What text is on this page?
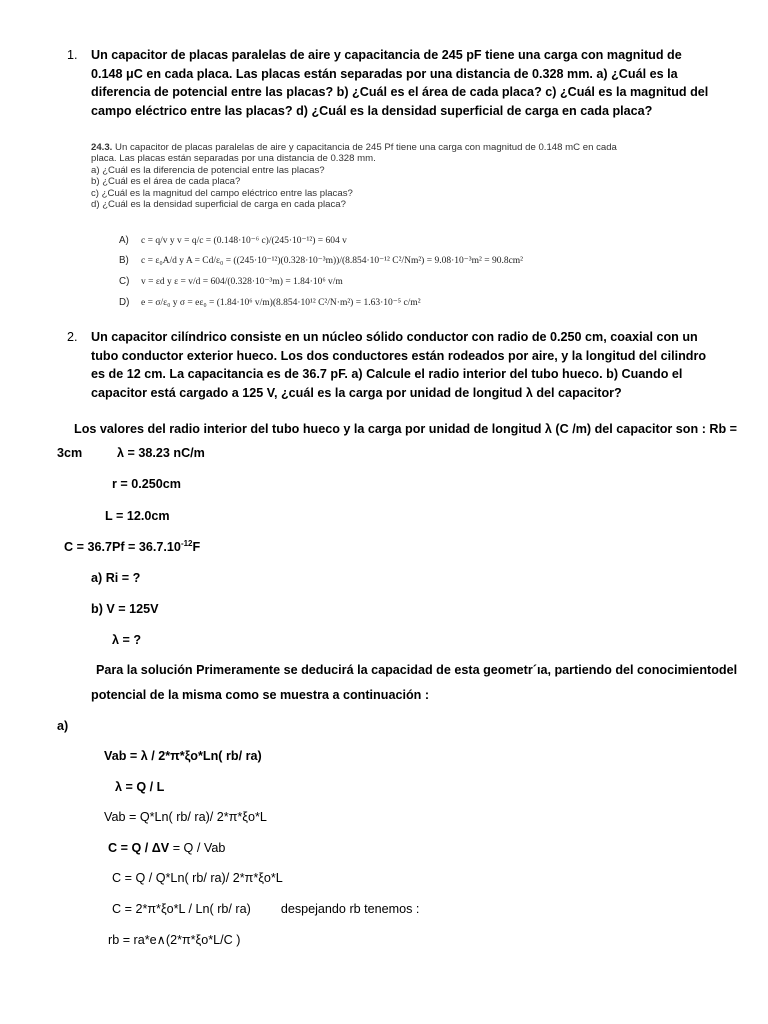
1. Un capacitor de placas paralelas de aire y capacitancia de 245 pF tiene una carga con magnitud de 0.148 μC en cada placa. Las placas están separadas por una distancia de 0.328 mm. a) ¿Cuál es la diferencia de potencial entre las placas? b) ¿Cuál es el área de cada placa? c) ¿Cuál es la magnitud del campo eléctrico entre las placas? d) ¿Cuál es la densidad superficial de carga en cada placa?
24.3. Un capacitor de placas paralelas de aire y capacitancia de 245 Pf tiene una carga con magnitud de 0.148 mC en cada
placa. Las placas están separadas por una distancia de 0.328 mm.
a) ¿Cuál es la diferencia de potencial entre las placas?
b) ¿Cuál es el área de cada placa?
c) ¿Cuál es la magnitud del campo eléctrico entre las placas?
d) ¿Cuál es la densidad superficial de carga en cada placa?
A) c = q/v y v = q/c = (0.148·10⁻⁶ c)/(245·10⁻¹²) = 604 v
B) c = ε₀A/d y A = Cd/ε₀ = ((245·10⁻¹²)(0.328·10⁻³m))/(8.854·10⁻¹² C²/Nm²) = 9.08·10⁻³m² = 90.8cm²
C) v = εd y ε = v/d = 604/(0.328·10⁻³m) = 1.84·10⁶ v/m
D) e = σ/ε₀ y σ = eε₀ = (1.84·10⁶ v/m)(8.854·10¹² C²/N·m²) = 1.63·10⁻⁵ c/m²
2. Un capacitor cilíndrico consiste en un núcleo sólido conductor con radio de 0.250 cm, coaxial con un tubo conductor exterior hueco. Los dos conductores están rodeados por aire, y la longitud del cilindro es de 12 cm. La capacitancia es de 36.7 pF. a) Calcule el radio interior del tubo hueco. b) Cuando el capacitor está cargado a 125 V, ¿cuál es la carga por unidad de longitud λ del capacitor?
Los valores del radio interior del tubo hueco y la carga por unidad de longitud λ (C /m) del capacitor son : Rb =
3cm	λ = 38.23 nC/m
r = 0.250cm
L = 12.0cm
$C = 36.7Pf = 36.7.10^{-12}F$
a) Ri = ?
b) V = 125V
λ = ?
Para la solución Primeramente se deducirá la capacidad de esta geometr´ıa, partiendo del conocimientodel
potencial de la misma como se muestra a continuación :
a)
Vab = λ / 2*π*ξo*Ln( rb/ ra)
λ = Q / L
Vab = Q*Ln( rb/ ra)/ 2*π*ξo*L
C = Q / ΔV = Q / Vab
C = Q / Q*Ln( rb/ ra)/ 2*π*ξo*L
C = 2*π*ξo*L / Ln( rb/ ra) despejando rb tenemos :
rb = ra*e∧(2*π*ξo*L/C )
